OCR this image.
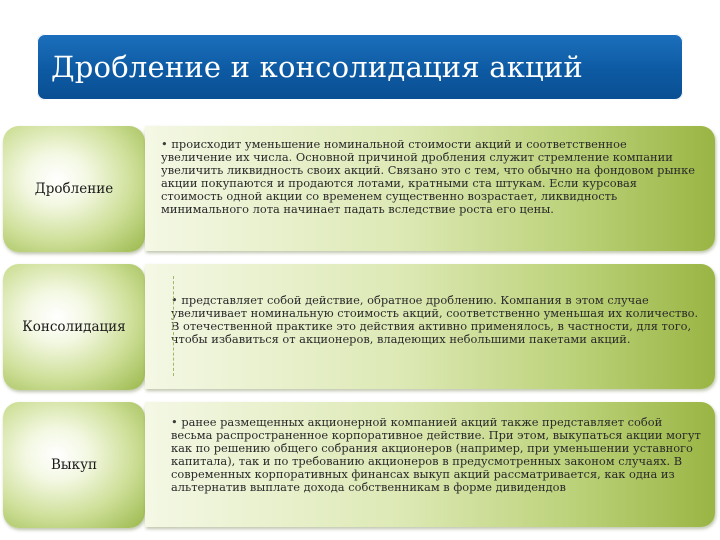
Дробление и консолидация акций
Дробление

• происходит уменьшение номинальной стоимости акций и соответственное увеличение их числа. Основной причиной дробления служит стремление компании увеличить ликвидность своих акций. Связано это с тем, что обычно на фондовом рынке акции покупаются и продаются лотами, кратными ста штукам. Если курсовая стоимость одной акции со временем существенно возрастает, ликвидность минимального лота начинает падать вследствие роста его цены.

Консолидация

• представляет собой действие, обратное дроблению. Компания в этом случае увеличивает номинальную стоимость акций, соответственно уменьшая их количество. В отечественной практике это действия активно применялось, в частности, для того, чтобы избавиться от акционеров, владеющих небольшими пакетами акций.

Выкуп

• ранее размещенных акционерной компанией акций также представляет собой весьма распространенное корпоративное действие. При этом, выкупаться акции могут как по решению общего собрания акционеров (например, при уменьшении уставного капитала), так и по требованию акционеров в предусмотренных законом случаях. В современных корпоративных финансах выкуп акций рассматривается, как одна из альтернатив выплате дохода собственникам в форме дивидендов
